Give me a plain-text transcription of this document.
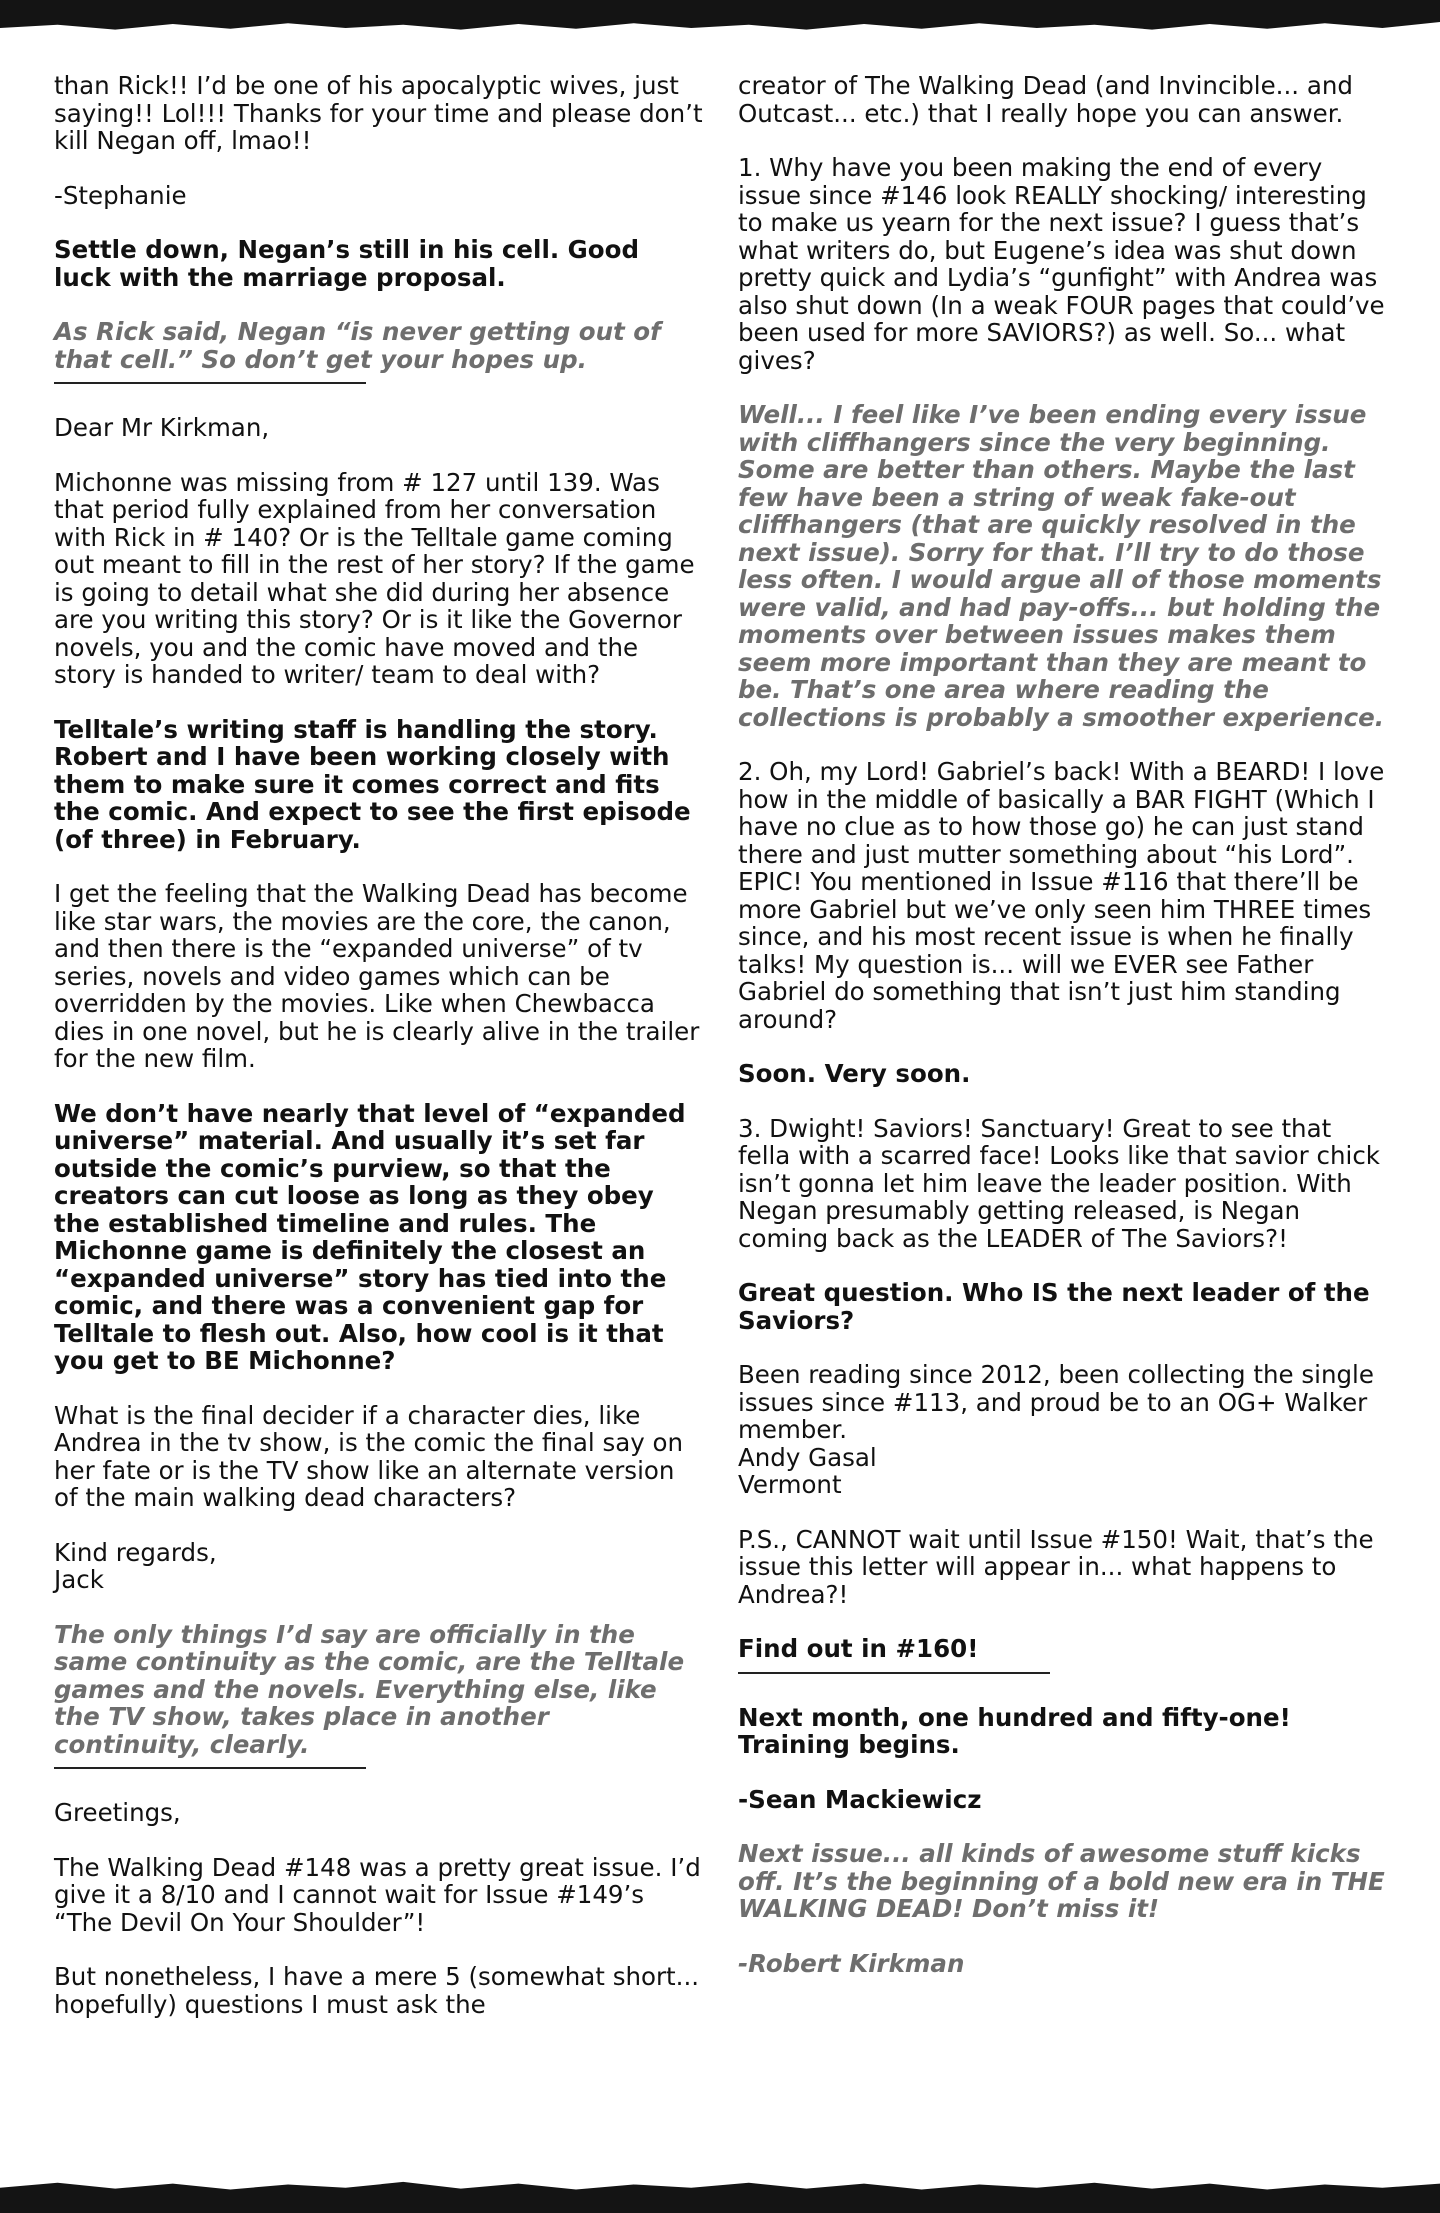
than Rick!! I’d be one of his apocalyptic wives, just saying!! Lol!!! Thanks for your time and please don’t kill Negan off, lmao!!

-Stephanie

Settle down, Negan’s still in his cell. Good luck with the marriage proposal.

As Rick said, Negan “is never getting out of that cell.” So don’t get your hopes up.

Dear Mr Kirkman,

Michonne was missing from # 127 until 139. Was that period fully explained from her conversation with Rick in # 140? Or is the Telltale game coming out meant to fill in the rest of her story? If the game is going to detail what she did during her absence are you writing this story? Or is it like the Governor novels, you and the comic have moved and the story is handed to writer/ team to deal with?

Telltale’s writing staff is handling the story. Robert and I have been working closely with them to make sure it comes correct and fits the comic. And expect to see the first episode (of three) in February.

I get the feeling that the Walking Dead has become like star wars, the movies are the core, the canon, and then there is the “expanded universe” of tv series, novels and video games which can be overridden by the movies. Like when Chewbacca dies in one novel, but he is clearly alive in the trailer for the new film.

We don’t have nearly that level of “expanded universe” material. And usually it’s set far outside the comic’s purview, so that the creators can cut loose as long as they obey the established timeline and rules. The Michonne game is definitely the closest an “expanded universe” story has tied into the comic, and there was a convenient gap for Telltale to flesh out. Also, how cool is it that you get to BE Michonne?

What is the final decider if a character dies, like Andrea in the tv show, is the comic the final say on her fate or is the TV show like an alternate version of the main walking dead characters?

Kind regards,
Jack

The only things I’d say are officially in the same continuity as the comic, are the Telltale games and the novels. Everything else, like the TV show, takes place in another continuity, clearly.

Greetings,

The Walking Dead #148 was a pretty great issue. I’d give it a 8/10 and I cannot wait for Issue #149’s “The Devil On Your Shoulder”!

But nonetheless, I have a mere 5 (somewhat short... hopefully) questions I must ask the

creator of The Walking Dead (and Invincible... and Outcast... etc.) that I really hope you can answer.

1. Why have you been making the end of every issue since #146 look REALLY shocking/ interesting to make us yearn for the next issue? I guess that’s what writers do, but Eugene’s idea was shut down pretty quick and Lydia’s “gunfight” with Andrea was also shut down (In a weak FOUR pages that could’ve been used for more SAVIORS?) as well. So... what gives?

Well... I feel like I’ve been ending every issue with cliffhangers since the very beginning. Some are better than others. Maybe the last few have been a string of weak fake-out cliffhangers (that are quickly resolved in the next issue). Sorry for that. I’ll try to do those less often. I would argue all of those moments were valid, and had pay-offs... but holding the moments over between issues makes them seem more important than they are meant to be. That’s one area where reading the collections is probably a smoother experience.

2. Oh, my Lord! Gabriel’s back! With a BEARD! I love how in the middle of basically a BAR FIGHT (Which I have no clue as to how those go) he can just stand there and just mutter something about “his Lord”. EPIC! You mentioned in Issue #116 that there’ll be more Gabriel but we’ve only seen him THREE times since, and his most recent issue is when he finally talks! My question is... will we EVER see Father Gabriel do something that isn’t just him standing around?

Soon. Very soon.

3. Dwight! Saviors! Sanctuary! Great to see that fella with a scarred face! Looks like that savior chick isn’t gonna let him leave the leader position. With Negan presumably getting released, is Negan coming back as the LEADER of The Saviors?!

Great question. Who IS the next leader of the Saviors?

Been reading since 2012, been collecting the single issues since #113, and proud be to an OG+ Walker member.
Andy Gasal
Vermont

P.S., CANNOT wait until Issue #150! Wait, that’s the issue this letter will appear in... what happens to Andrea?!

Find out in #160!

Next month, one hundred and fifty-one! Training begins.

-Sean Mackiewicz

Next issue... all kinds of awesome stuff kicks off. It’s the beginning of a bold new era in THE WALKING DEAD! Don’t miss it!

-Robert Kirkman
